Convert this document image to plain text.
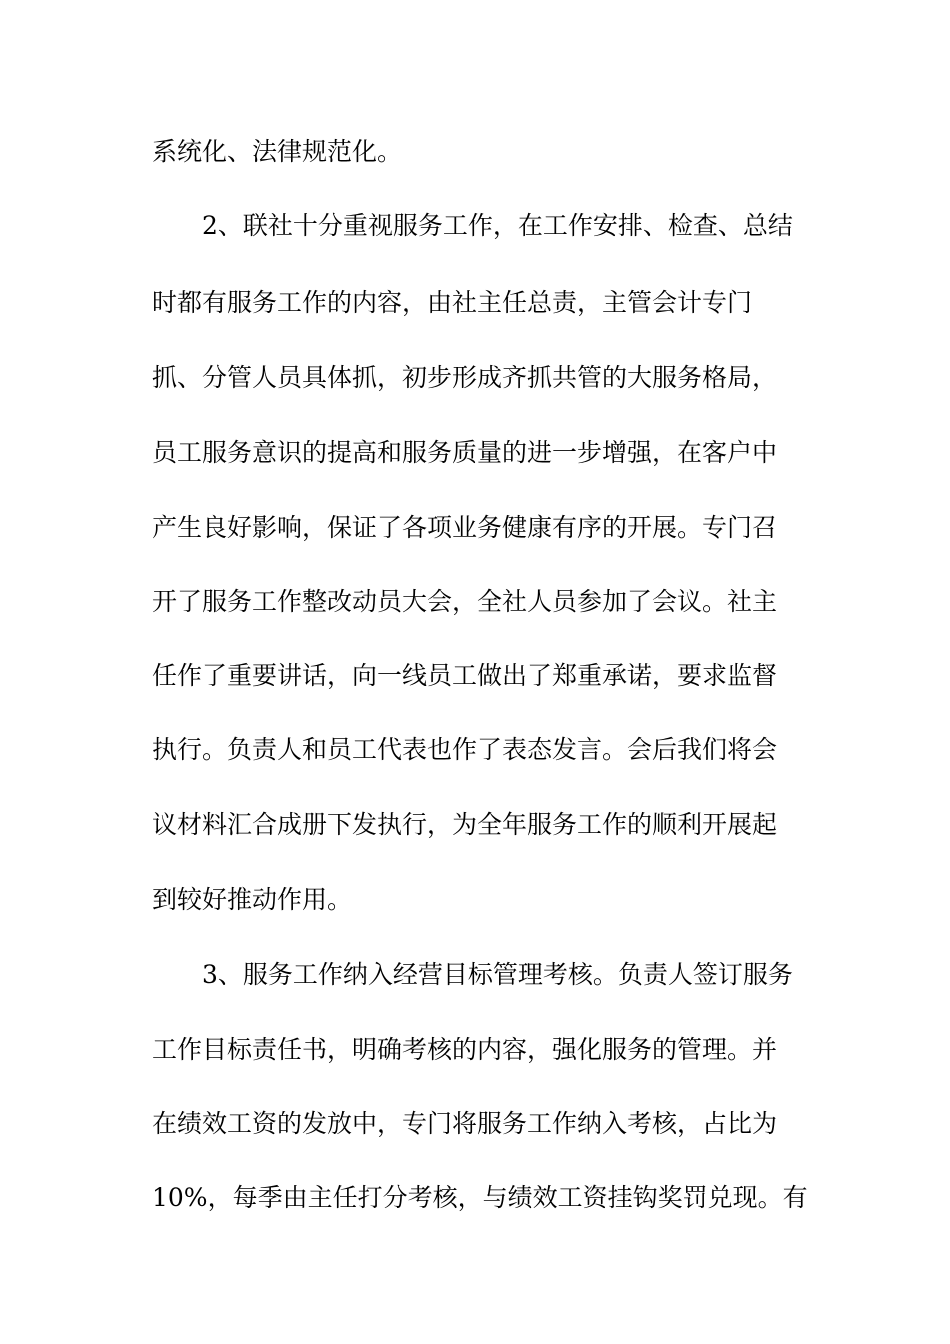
系统化、法律规范化。
2、联社十分重视服务工作，在工作安排、检查、总结
时都有服务工作的内容，由社主任总责，主管会计专门
抓、分管人员具体抓，初步形成齐抓共管的大服务格局，
员工服务意识的提高和服务质量的进一步增强，在客户中
产生良好影响，保证了各项业务健康有序的开展。专门召
开了服务工作整改动员大会，全社人员参加了会议。社主
任作了重要讲话，向一线员工做出了郑重承诺，要求监督
执行。负责人和员工代表也作了表态发言。会后我们将会
议材料汇合成册下发执行，为全年服务工作的顺利开展起
到较好推动作用。
3、服务工作纳入经营目标管理考核。负责人签订服务
工作目标责任书，明确考核的内容，强化服务的管理。并
在绩效工资的发放中，专门将服务工作纳入考核，占比为
10%，每季由主任打分考核，与绩效工资挂钩奖罚兑现。有
